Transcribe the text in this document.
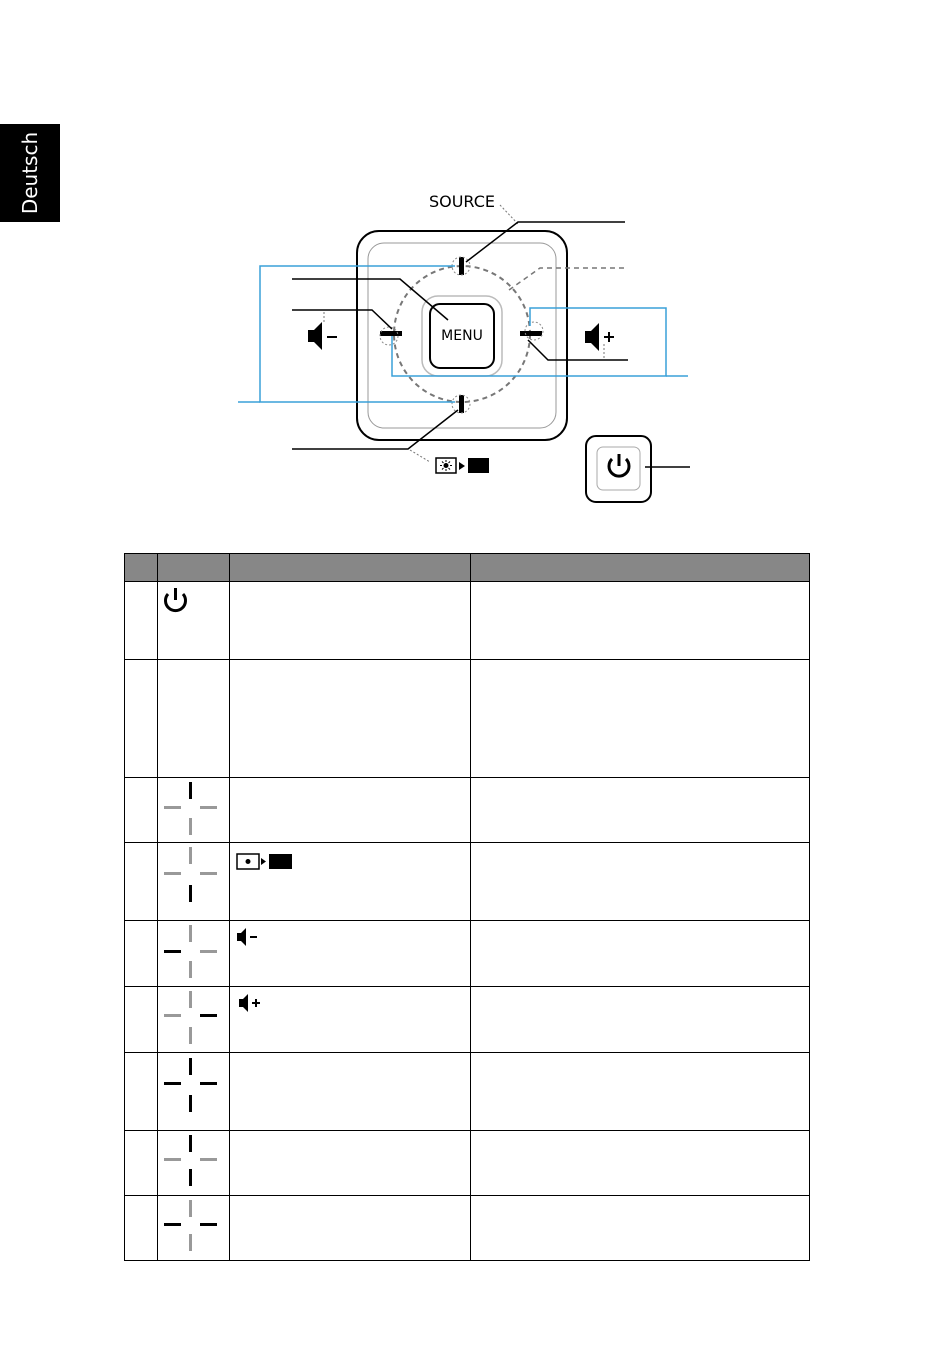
Deutsch
MENU
SOURCE
